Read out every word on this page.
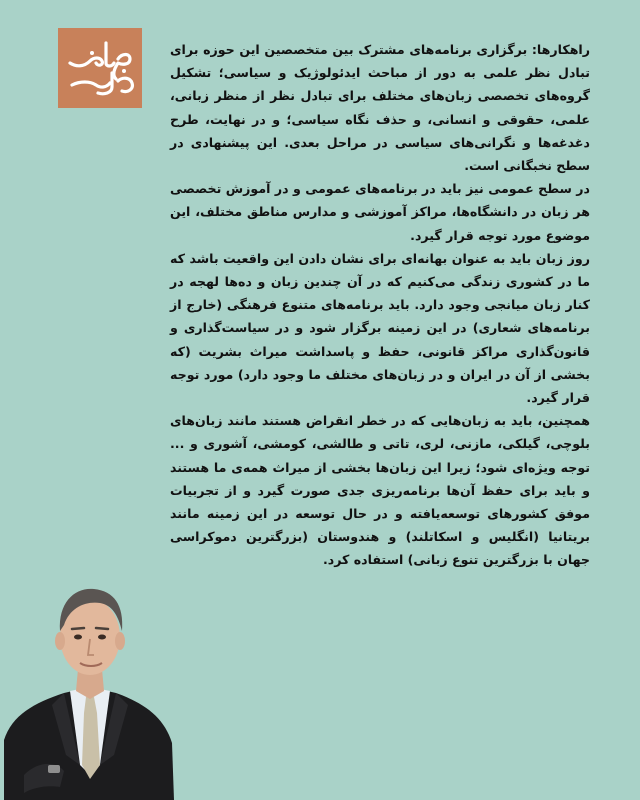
راهکارها: برگزاری برنامه‌های مشترک بین متخصصین این حوزه برای تبادل نظر علمی به دور از مباحث ایدئولوژیک و سیاسی؛ تشکیل گروه‌های تخصصی زبان‌های مختلف برای تبادل نظر از منظر زبانی، علمی، حقوقی و انسانی، و حذف نگاه سیاسی؛ و در نهایت، طرح دغدغه‌ها و نگرانی‌های سیاسی در مراحل بعدی. این پیشنهادی در سطح نخبگانی است.

در سطح عمومی نیز باید در برنامه‌های عمومی و در آموزش تخصصی هر زبان در دانشگاه‌ها، مراکز آموزشی و مدارس مناطق مختلف، این موضوع مورد توجه قرار گیرد.

روز زبان باید به عنوان بهانه‌ای برای نشان دادن این واقعیت باشد که ما در کشوری زندگی می‌کنیم که در آن چندین زبان و ده‌ها لهجه در کنار زبان میانجی وجود دارد. باید برنامه‌های متنوع فرهنگی (خارج از برنامه‌های شعاری) در این زمینه برگزار شود و در سیاست‌گذاری و قانون‌گذاری مراکز قانونی، حفظ و پاسداشت میراث بشریت (که بخشی از آن در ایران و در زبان‌های مختلف ما وجود دارد) مورد توجه قرار گیرد.

همچنین، باید به زبان‌هایی که در خطر انقراض هستند مانند زبان‌های بلوچی، گیلکی، مازنی، لری، تاتی و طالشی، کومشی، آشوری و ... توجه ویژه‌ای شود؛ زیرا این زبان‌ها بخشی از میراث همه‌ی ما هستند و باید برای حفظ آن‌ها برنامه‌ریزی جدی صورت گیرد و از تجربیات موفق کشورهای توسعه‌یافته و در حال توسعه در این زمینه مانند بریتانیا (انگلیس و اسکاتلند) و هندوستان (بزرگترین دموکراسی جهان با بزرگترین تنوع زبانی) استفاده کرد.
